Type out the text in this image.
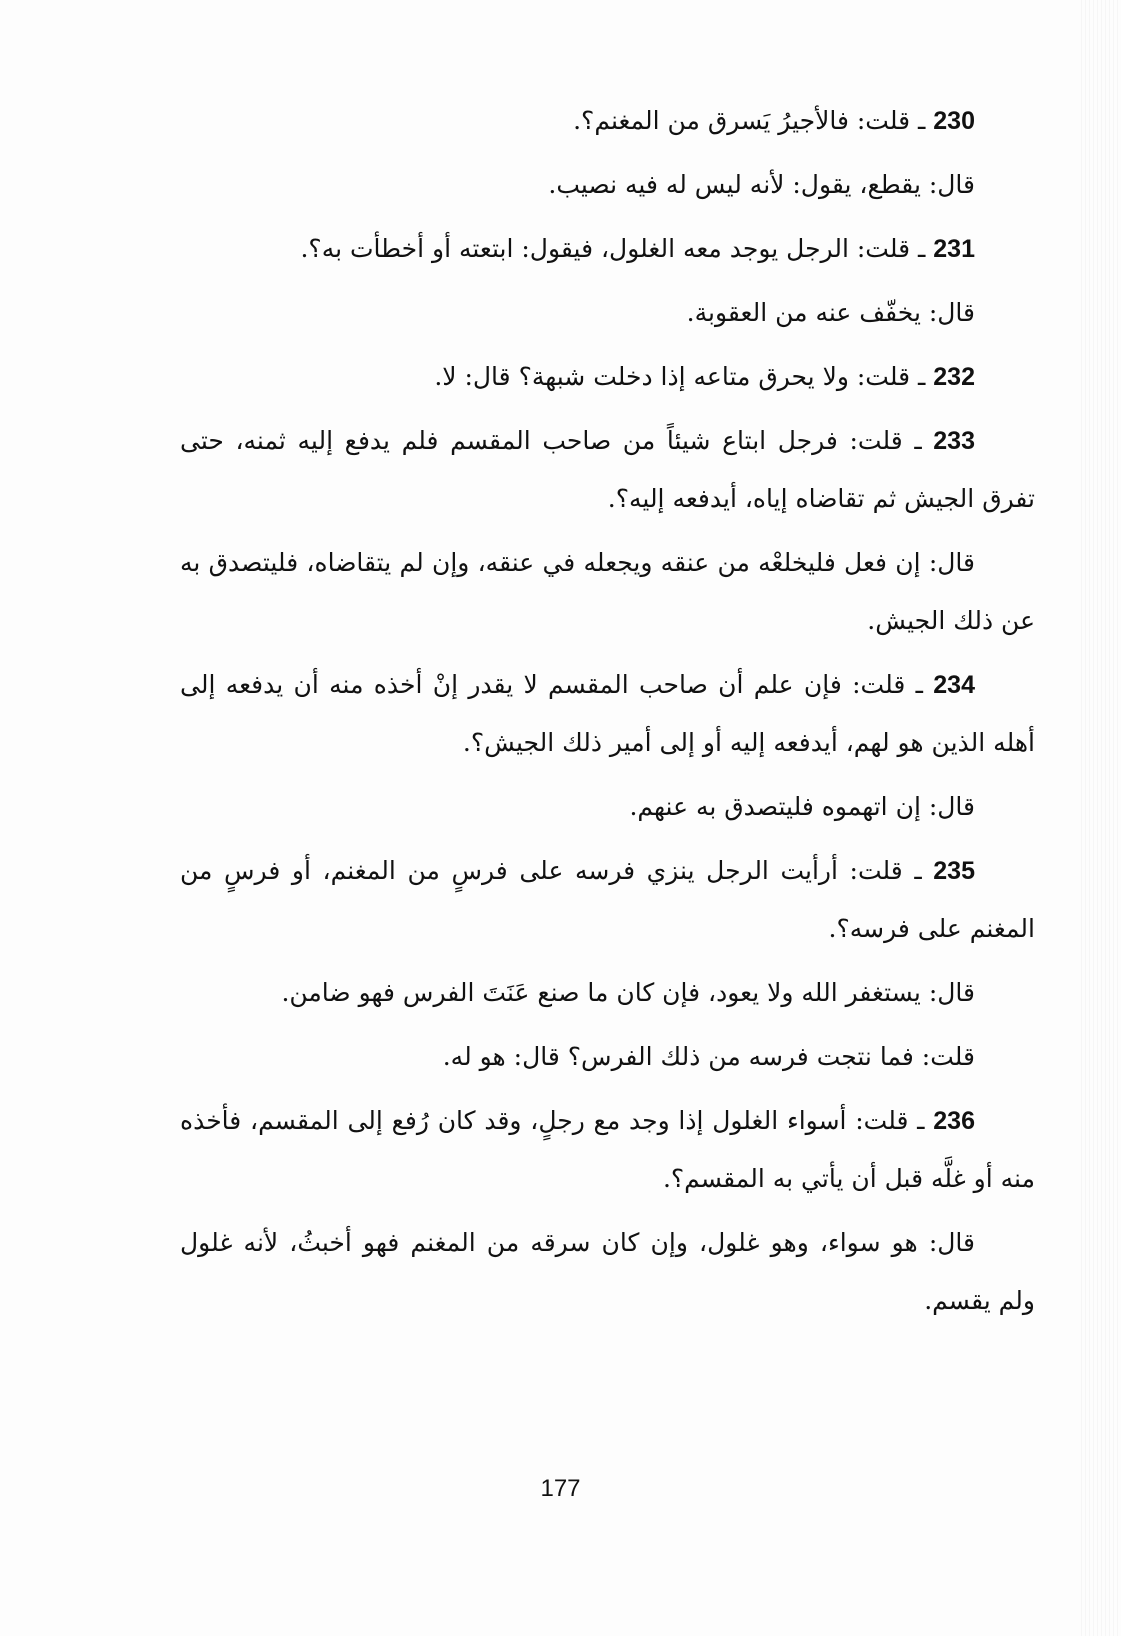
230 ـ قلت: فالأجيرُ يَسرق من المغنم؟.

قال: يقطع، يقول: لأنه ليس له فيه نصيب.

231 ـ قلت: الرجل يوجد معه الغلول، فيقول: ابتعته أو أخطأت به؟.

قال: يخفّف عنه من العقوبة.

232 ـ قلت: ولا يحرق متاعه إذا دخلت شبهة؟ قال: لا.

233 ـ قلت: فرجل ابتاع شيئاً من صاحب المقسم فلم يدفع إليه ثمنه، حتى تفرق الجيش ثم تقاضاه إياه، أيدفعه إليه؟.

قال: إن فعل فليخلعْه من عنقه ويجعله في عنقه، وإن لم يتقاضاه، فليتصدق به عن ذلك الجيش.

234 ـ قلت: فإن علم أن صاحب المقسم لا يقدر إنْ أخذه منه أن يدفعه إلى أهله الذين هو لهم، أيدفعه إليه أو إلى أمير ذلك الجيش؟.

قال: إن اتهموه فليتصدق به عنهم.

235 ـ قلت: أرأيت الرجل ينزي فرسه على فرسٍ من المغنم، أو فرسٍ من المغنم على فرسه؟.

قال: يستغفر الله ولا يعود، فإن كان ما صنع عَنَتَ الفرس فهو ضامن.

قلت: فما نتجت فرسه من ذلك الفرس؟ قال: هو له.

236 ـ قلت: أسواء الغلول إذا وجد مع رجلٍ، وقد كان رُفع إلى المقسم، فأخذه منه أو غلَّه قبل أن يأتي به المقسم؟.

قال: هو سواء، وهو غلول، وإن كان سرقه من المغنم فهو أخبثُ، لأنه غلول ولم يقسم.

177
